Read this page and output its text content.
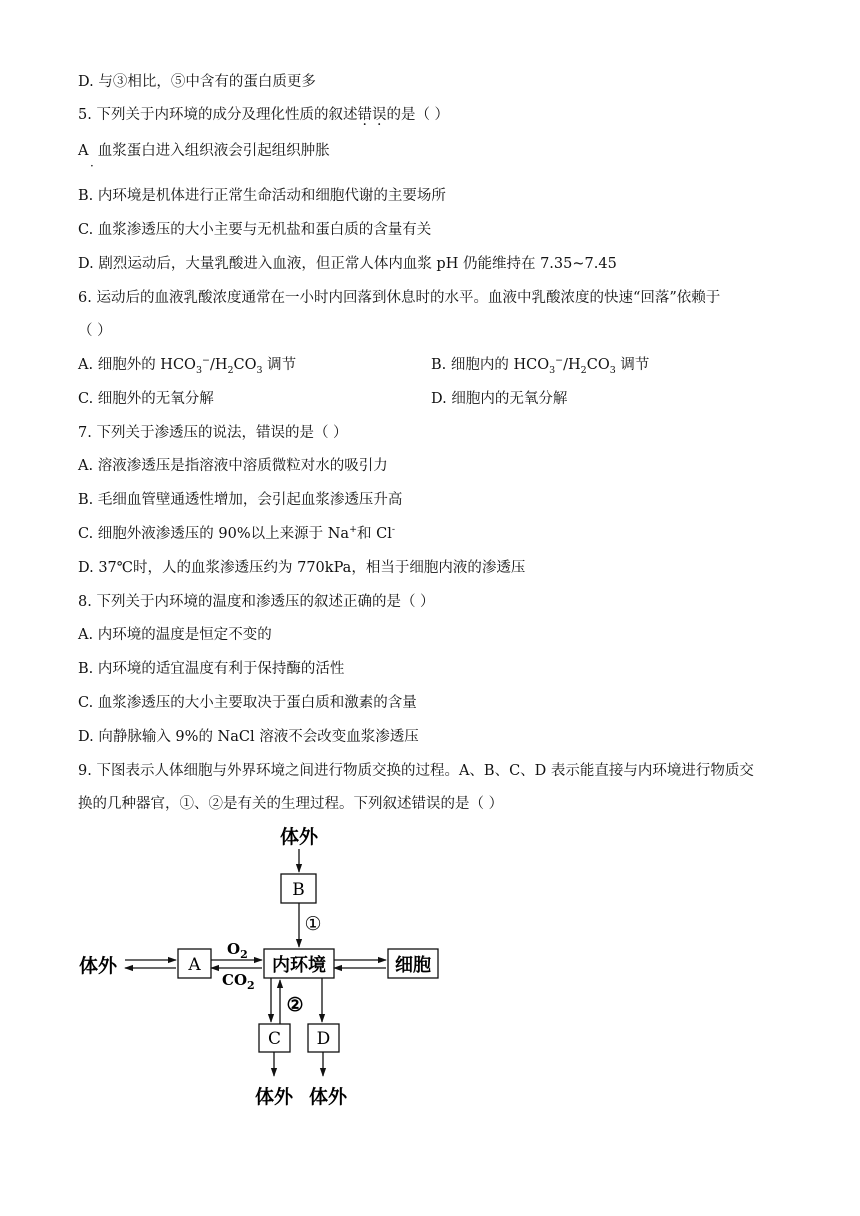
D. 与③相比，⑤中含有的蛋白质更多
5. 下列关于内环境的成分及理化性质的叙述错误的是（ ）
A 血浆蛋白进入组织液会引起组织肿胀
·
B. 内环境是机体进行正常生命活动和细胞代谢的主要场所
C. 血浆渗透压的大小主要与无机盐和蛋白质的含量有关
D. 剧烈运动后，大量乳酸进入血液，但正常人体内血浆 pH 仍能维持在 7.35~7.45
6. 运动后的血液乳酸浓度通常在一小时内回落到休息时的水平。血液中乳酸浓度的快速“回落”依赖于
（ ）
A. 细胞外的 $HCO_3^-/H_2CO_3$ 调节	B. 细胞内的 $HCO_3^-/H_2CO_3$ 调节
C. 细胞外的无氧分解	D. 细胞内的无氧分解
7. 下列关于渗透压的说法，错误的是（ ）
A. 溶液渗透压是指溶液中溶质微粒对水的吸引力
B. 毛细血管壁通透性增加，会引起血浆渗透压升高
C. 细胞外液渗透压的 90%以上来源于 Na+和 Cl-
D. 37℃时，人的血浆渗透压约为 770kPa，相当于细胞内液的渗透压
8. 下列关于内环境的温度和渗透压的叙述正确的是（ ）
A. 内环境的温度是恒定不变的
B. 内环境的适宜温度有利于保持酶的活性
C. 血浆渗透压的大小主要取决于蛋白质和激素的含量
D. 向静脉输入 9%的 NaCl 溶液不会改变血浆渗透压
9. 下图表示人体细胞与外界环境之间进行物质交换的过程。A、B、C、D 表示能直接与内环境进行物质交
换的几种器官，①、②是有关的生理过程。下列叙述错误的是（ ）
体外
B
①
体外	A
$O_2$
$CO_2$
内环境	细胞
②
C D
体外 体外
